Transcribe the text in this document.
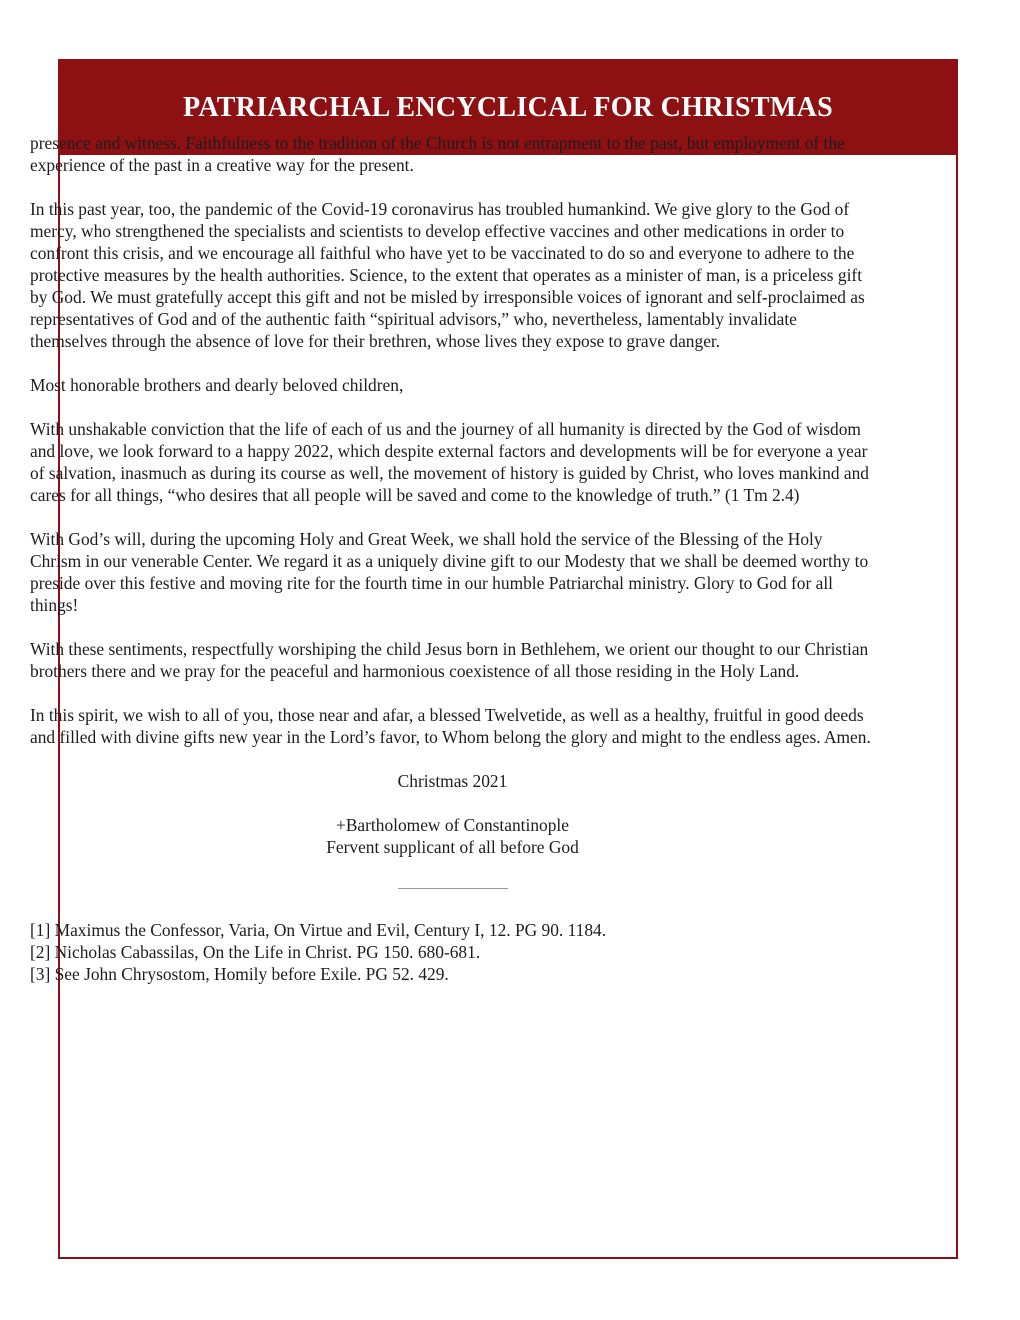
PATRIARCHAL ENCYCLICAL FOR CHRISTMAS

presence and witness. Faithfulness to the tradition of the Church is not entrapment to the past, but employment of the experience of the past in a creative way for the present.

In this past year, too, the pandemic of the Covid-19 coronavirus has troubled humankind. We give glory to the God of mercy, who strengthened the specialists and scientists to develop effective vaccines and other medications in order to confront this crisis, and we encourage all faithful who have yet to be vaccinated to do so and everyone to adhere to the protective measures by the health authorities. Science, to the extent that operates as a minister of man, is a priceless gift by God. We must gratefully accept this gift and not be misled by irresponsible voices of ignorant and self-proclaimed as representatives of God and of the authentic faith “spiritual advisors,” who, nevertheless, lamentably invalidate themselves through the absence of love for their brethren, whose lives they expose to grave danger.

Most honorable brothers and dearly beloved children,

With unshakable conviction that the life of each of us and the journey of all humanity is directed by the God of wisdom and love, we look forward to a happy 2022, which despite external factors and developments will be for everyone a year of salvation, inasmuch as during its course as well, the movement of history is guided by Christ, who loves mankind and cares for all things, “who desires that all people will be saved and come to the knowledge of truth.” (1 Tm 2.4)

With God’s will, during the upcoming Holy and Great Week, we shall hold the service of the Blessing of the Holy Chrism in our venerable Center. We regard it as a uniquely divine gift to our Modesty that we shall be deemed worthy to preside over this festive and moving rite for the fourth time in our humble Patriarchal ministry. Glory to God for all things!

With these sentiments, respectfully worshiping the child Jesus born in Bethlehem, we orient our thought to our Christian brothers there and we pray for the peaceful and harmonious coexistence of all those residing in the Holy Land.

In this spirit, we wish to all of you, those near and afar, a blessed Twelvetide, as well as a healthy, fruitful in good deeds and filled with divine gifts new year in the Lord’s favor, to Whom belong the glory and might to the endless ages. Amen.

Christmas 2021

+Bartholomew of Constantinople

Fervent supplicant of all before God

[1] Maximus the Confessor, Varia, On Virtue and Evil, Century I, 12. PG 90. 1184.

[2] Nicholas Cabassilas, On the Life in Christ. PG 150. 680-681.

[3] See John Chrysostom, Homily before Exile. PG 52. 429.
